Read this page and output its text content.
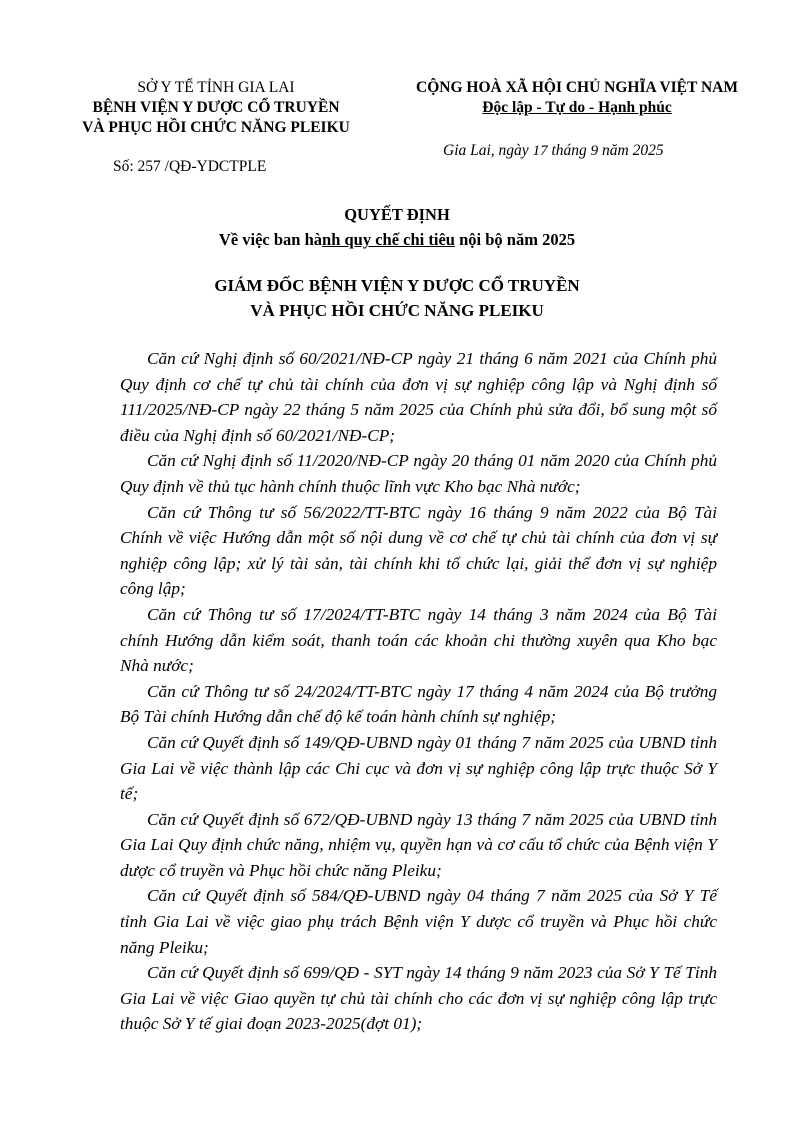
SỞ Y TẾ TỈNH GIA LAI
BỆNH VIỆN Y DƯỢC CỔ TRUYỀN
VÀ PHỤC HỒI CHỨC NĂNG PLEIKU
Số: 257 /QĐ-YDCTPLE
CỘNG HOÀ XÃ HỘI CHỦ NGHĨA VIỆT NAM
Độc lập - Tự do - Hạnh phúc
Gia Lai, ngày 17 tháng 9 năm 2025
QUYẾT ĐỊNH
Về việc ban hành quy chế chi tiêu nội bộ năm 2025
GIÁM ĐỐC BỆNH VIỆN Y DƯỢC CỔ TRUYỀN
VÀ PHỤC HỒI CHỨC NĂNG PLEIKU

Căn cứ Nghị định số 60/2021/NĐ-CP ngày 21 tháng 6 năm 2021 của Chính phủ Quy định cơ chế tự chủ tài chính của đơn vị sự nghiệp công lập và Nghị định số 111/2025/NĐ-CP ngày 22 tháng 5 năm 2025 của Chính phủ sửa đổi, bổ sung một số điều của Nghị định số 60/2021/NĐ-CP;

Căn cứ Nghị định số 11/2020/NĐ-CP ngày 20 tháng 01 năm 2020 của Chính phủ Quy định về thủ tục hành chính thuộc lĩnh vực Kho bạc Nhà nước;

Căn cứ Thông tư số 56/2022/TT-BTC ngày 16 tháng 9 năm 2022 của Bộ Tài Chính về việc Hướng dẫn một số nội dung về cơ chế tự chủ tài chính của đơn vị sự nghiệp công lập; xử lý tài sản, tài chính khi tổ chức lại, giải thể đơn vị sự nghiệp công lập;

Căn cứ Thông tư số 17/2024/TT-BTC ngày 14 tháng 3 năm 2024 của Bộ Tài chính Hướng dẫn kiểm soát, thanh toán các khoản chi thường xuyên qua Kho bạc Nhà nước;

Căn cứ Thông tư số 24/2024/TT-BTC ngày 17 tháng 4 năm 2024 của Bộ trưởng Bộ Tài chính Hướng dẫn chế độ kế toán hành chính sự nghiệp;

Căn cứ Quyết định số 149/QĐ-UBND ngày 01 tháng 7 năm 2025 của UBND tỉnh Gia Lai về việc thành lập các Chi cục và đơn vị sự nghiệp công lập trực thuộc Sở Y tế;

Căn cứ Quyết định số 672/QĐ-UBND ngày 13 tháng 7 năm 2025 của UBND tỉnh Gia Lai Quy định chức năng, nhiệm vụ, quyền hạn và cơ cấu tổ chức của Bệnh viện Y dược cổ truyền và Phục hồi chức năng Pleiku;

Căn cứ Quyết định số 584/QĐ-UBND ngày 04 tháng 7 năm 2025 của Sở Y Tế tỉnh Gia Lai về việc giao phụ trách Bệnh viện Y dược cổ truyền và Phục hồi chức năng Pleiku;

Căn cứ Quyết định số 699/QĐ - SYT ngày 14 tháng 9 năm 2023 của Sở Y Tế Tỉnh Gia Lai về việc Giao quyền tự chủ tài chính cho các đơn vị sự nghiệp công lập trực thuộc Sở Y tế giai đoạn 2023-2025(đợt 01);
